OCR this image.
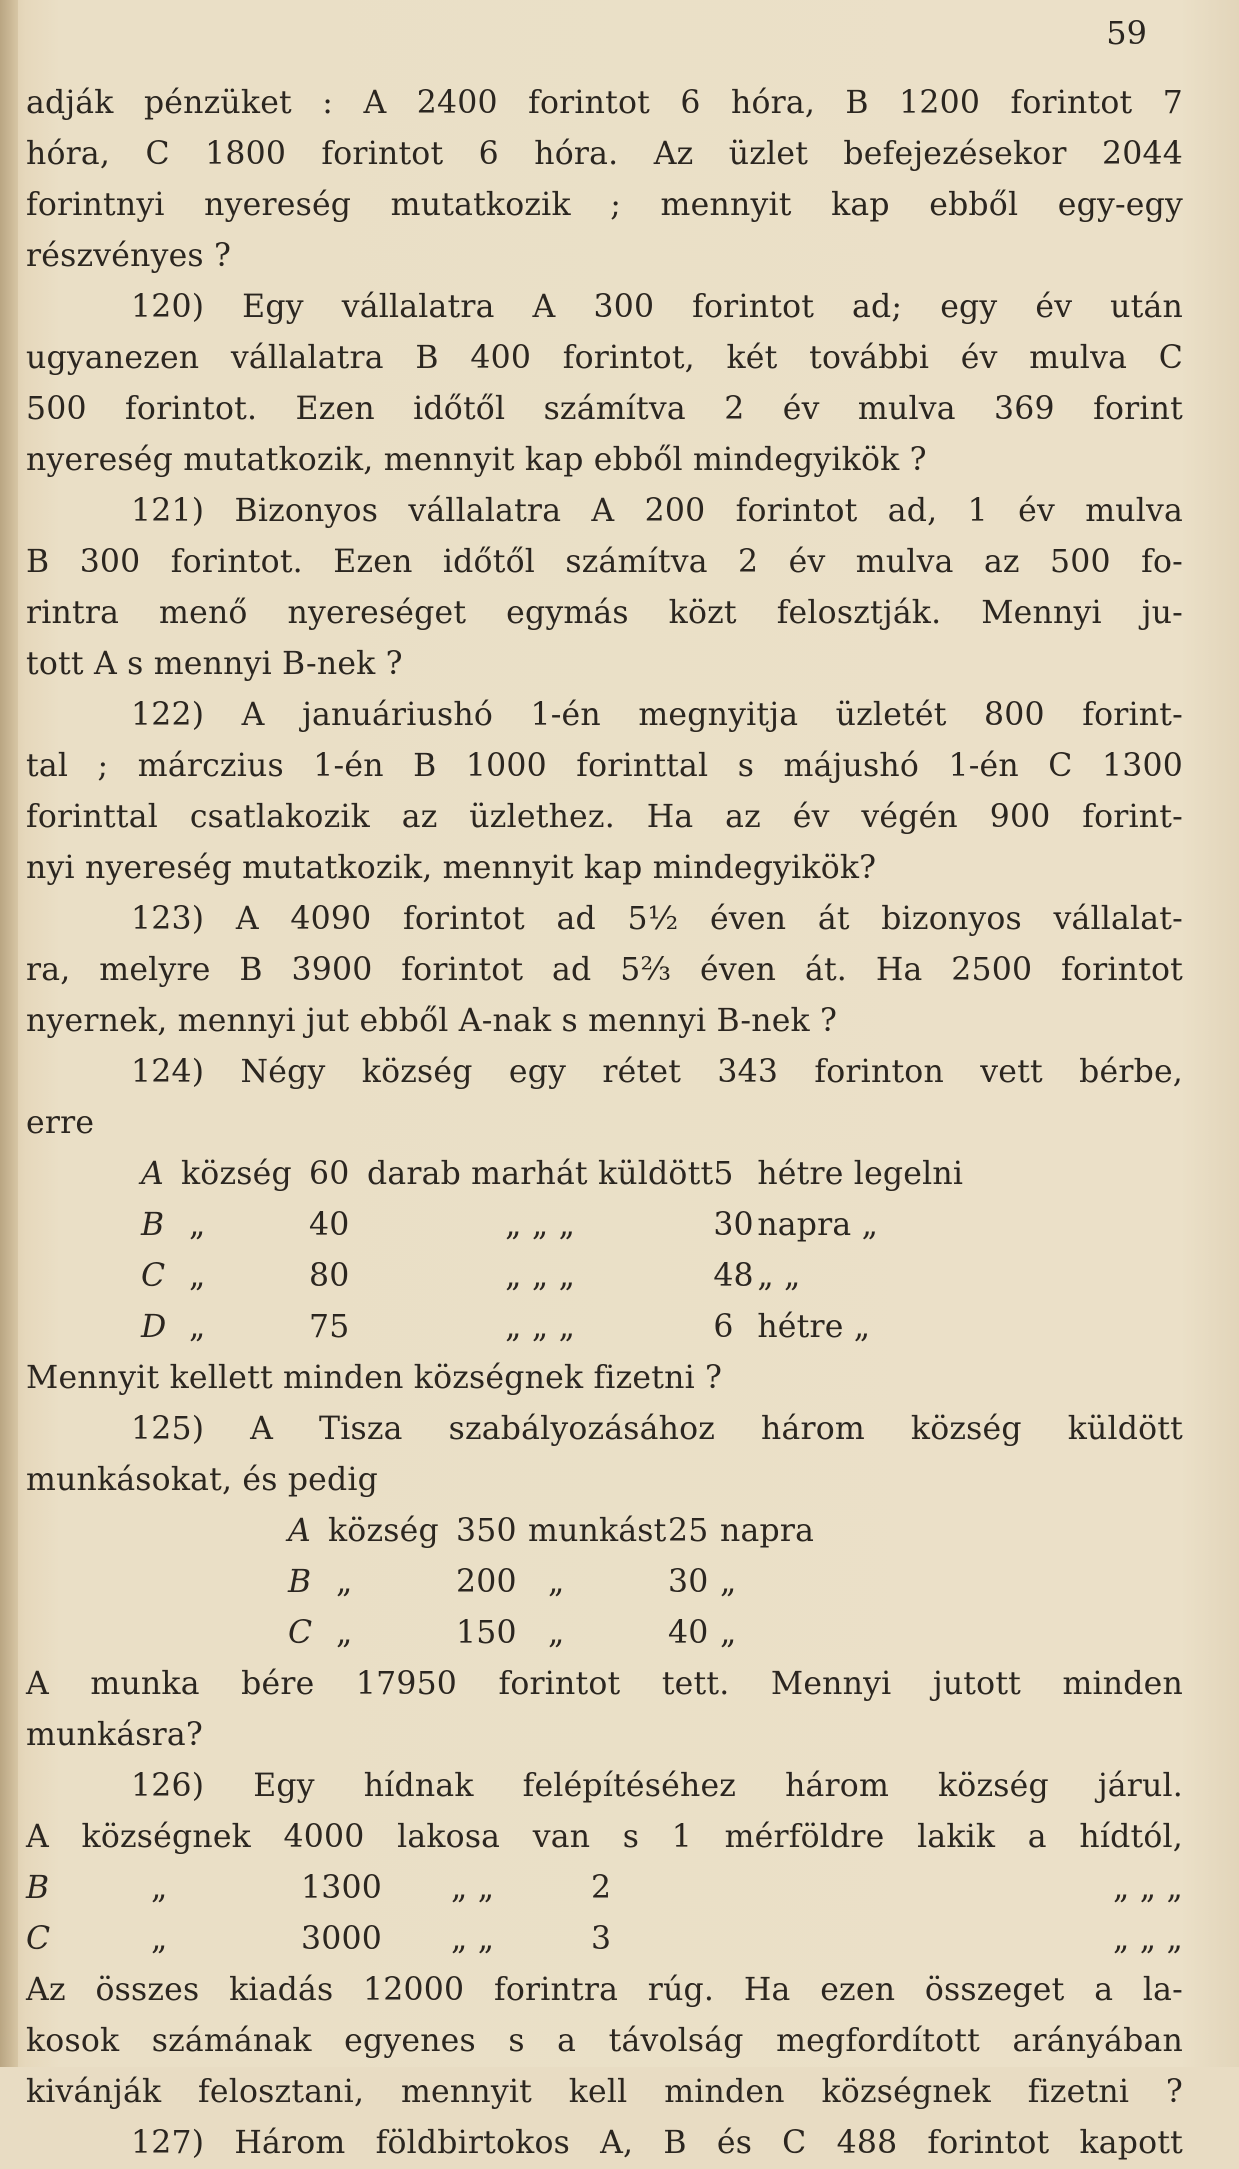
59
adják pénzüket : A 2400 forintot 6 hóra, B 1200 forintot 7
hóra, C 1800 forintot 6 hóra. Az üzlet befejezésekor 2044
forintnyi nyereség mutatkozik ; mennyit kap ebből egy-egy
részvényes ?
120) Egy vállalatra A 300 forintot ad; egy év után
ugyanezen vállalatra B 400 forintot, két további év mulva C
500 forintot. Ezen időtől számítva 2 év mulva 369 forint
nyereség mutatkozik, mennyit kap ebből mindegyikök ?
121) Bizonyos vállalatra A 200 forintot ad, 1 év mulva
B 300 forintot. Ezen időtől számítva 2 év mulva az 500 fo-
rintra menő nyereséget egymás közt felosztják. Mennyi ju-
tott A s mennyi B-nek ?
122) A januáriushó 1-én megnyitja üzletét 800 forint-
tal ; márczius 1-én B 1000 forinttal s májushó 1-én C 1300
forinttal csatlakozik az üzlethez. Ha az év végén 900 forint-
nyi nyereség mutatkozik, mennyit kap mindegyikök?
123) A 4090 forintot ad 5½ éven át bizonyos vállalat-
ra, melyre B 3900 forintot ad 5⅔ éven át. Ha 2500 forintot
nyernek, mennyi jut ebből A-nak s mennyi B-nek ?
124) Négy község egy rétet 343 forinton vett bérbe,
erre
A	község	60	darab marhát küldött	5	hétre legelni
B	„	40	„ „ „	30	napra „
C	„	80	„ „ „	48	„ „
D	„	75	„ „ „	6	hétre „
Mennyit kellett minden községnek fizetni ?
125) A Tisza szabályozásához három község küldött
munkásokat, és pedig
A	község	350	munkást	25	napra
B	„	200	„	30	„
C	„	150	„	40	„
A munka bére 17950 forintot tett. Mennyi jutott minden
munkásra?
126) Egy hídnak felépítéséhez három község járul.
A községnek 4000 lakosa van s 1 mérföldre lakik a hídtól,
B	„	1300	„ „	2	„ „ „
C	„	3000	„ „	3	„ „ „
Az összes kiadás 12000 forintra rúg. Ha ezen összeget a la-
kosok számának egyenes s a távolság megfordított arányában
kivánják felosztani, mennyit kell minden községnek fizetni ?
127) Három földbirtokos A, B és C 488 forintot kapott
